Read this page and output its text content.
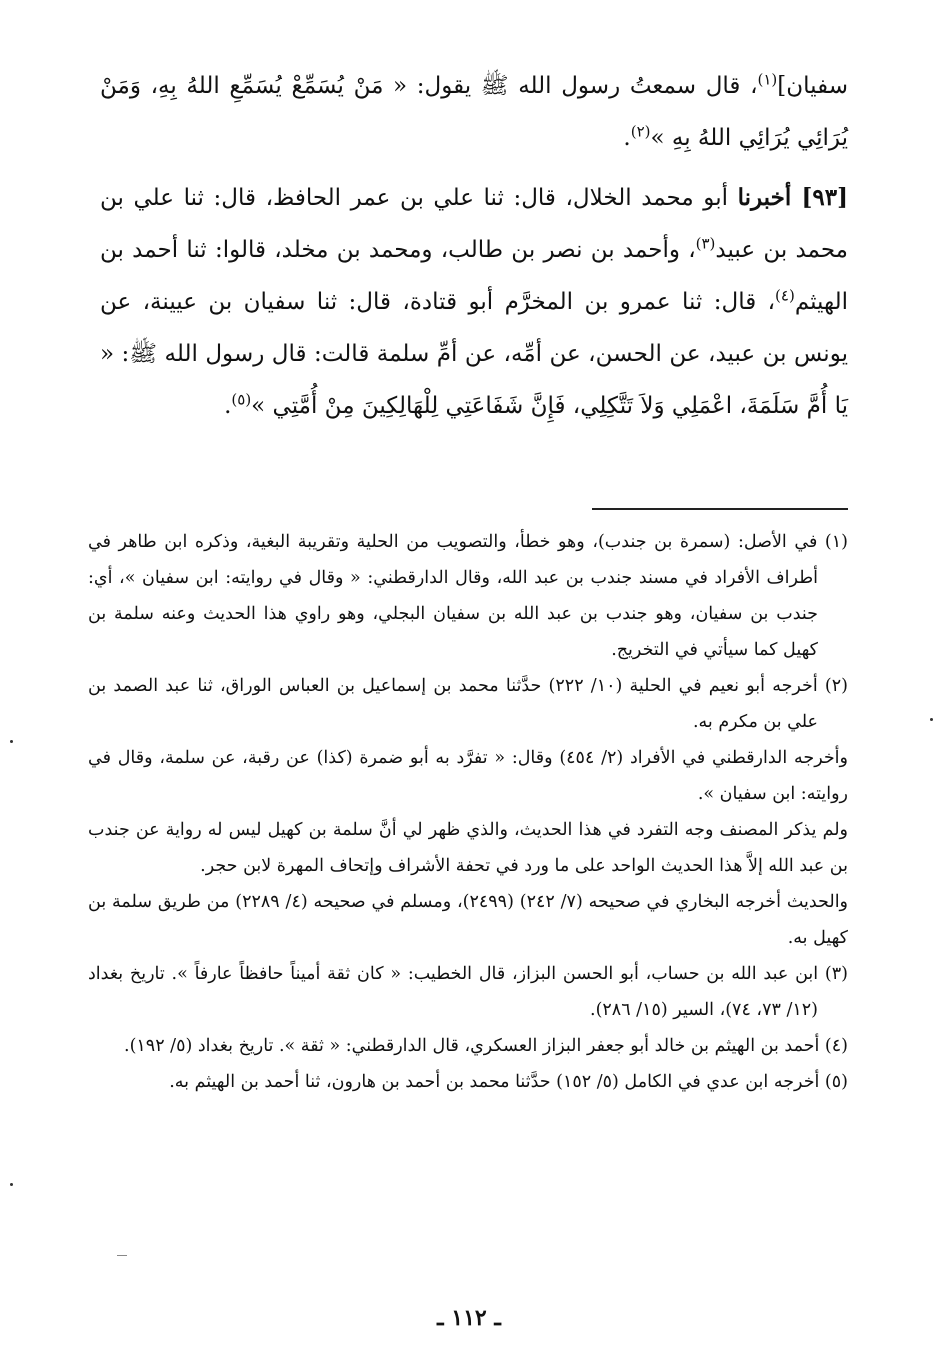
سفيان]$^{(١)}$، قال سمعتُ رسول الله ﷺ يقول: « مَنْ يُسَمِّعْ يُسَمِّعِ اللهُ بِهِ، وَمَنْ يُرَائِي يُرَائِي اللهُ بِهِ »$^{(٢)}$.

[٩٣] أخبرنا أبو محمد الخلال، قال: ثنا علي بن عمر الحافظ، قال: ثنا علي بن محمد بن عبيد$^{(٣)}$، وأحمد بن نصر بن طالب، ومحمد بن مخلد، قالوا: ثنا أحمد بن الهيثم$^{(٤)}$، قال: ثنا عمرو بن المخرَّم أبو قتادة، قال: ثنا سفيان بن عيينة، عن يونس بن عبيد، عن الحسن، عن أمِّه، عن أمِّ سلمة قالت: قال رسول الله ﷺ: « يَا أُمَّ سَلَمَةَ، اعْمَلِي وَلاَ تَتَّكِلِي، فَإِنَّ شَفَاعَتِي لِلْهَالِكِينَ مِنْ أُمَّتِي »$^{(٥)}$.

(١) في الأصل: (سمرة بن جندب)، وهو خطأ، والتصويب من الحلية وتقريبة البغية، وذكره ابن طاهر في أطراف الأفراد في مسند جندب بن عبد الله، وقال الدارقطني: « وقال في روايته: ابن سفيان »، أي: جندب بن سفيان، وهو جندب بن عبد الله بن سفيان البجلي، وهو راوي هذا الحديث وعنه سلمة بن كهيل كما سيأتي في التخريج.

(٢) أخرجه أبو نعيم في الحلية (١٠/ ٢٢٢) حدَّثنا محمد بن إسماعيل بن العباس الوراق، ثنا عبد الصمد بن علي بن مكرم به.

وأخرجه الدارقطني في الأفراد (٢/ ٤٥٤) وقال: « تفرَّد به أبو ضمرة (كذا) عن رقبة، عن سلمة، وقال في روايته: ابن سفيان ».

ولم يذكر المصنف وجه التفرد في هذا الحديث، والذي ظهر لي أنَّ سلمة بن كهيل ليس له رواية عن جندب بن عبد الله إلاَّ هذا الحديث الواحد على ما ورد في تحفة الأشراف وإتحاف المهرة لابن حجر.

والحديث أخرجه البخاري في صحيحه (٧/ ٢٤٢) (٢٤٩٩)، ومسلم في صحيحه (٤/ ٢٢٨٩) من طريق سلمة بن كهيل به.

(٣) ابن عبد الله بن حساب، أبو الحسن البزاز، قال الخطيب: « كان ثقة أميناً حافظاً عارفاً ». تاريخ بغداد (١٢/ ٧٣، ٧٤)، السير (١٥/ ٢٨٦).

(٤) أحمد بن الهيثم بن خالد أبو جعفر البزاز العسكري، قال الدارقطني: « ثقة ». تاريخ بغداد (٥/ ١٩٢).

(٥) أخرجه ابن عدي في الكامل (٥/ ١٥٢) حدَّثنا محمد بن أحمد بن هارون، ثنا أحمد بن الهيثم به.

ـ ١١٢ ـ
